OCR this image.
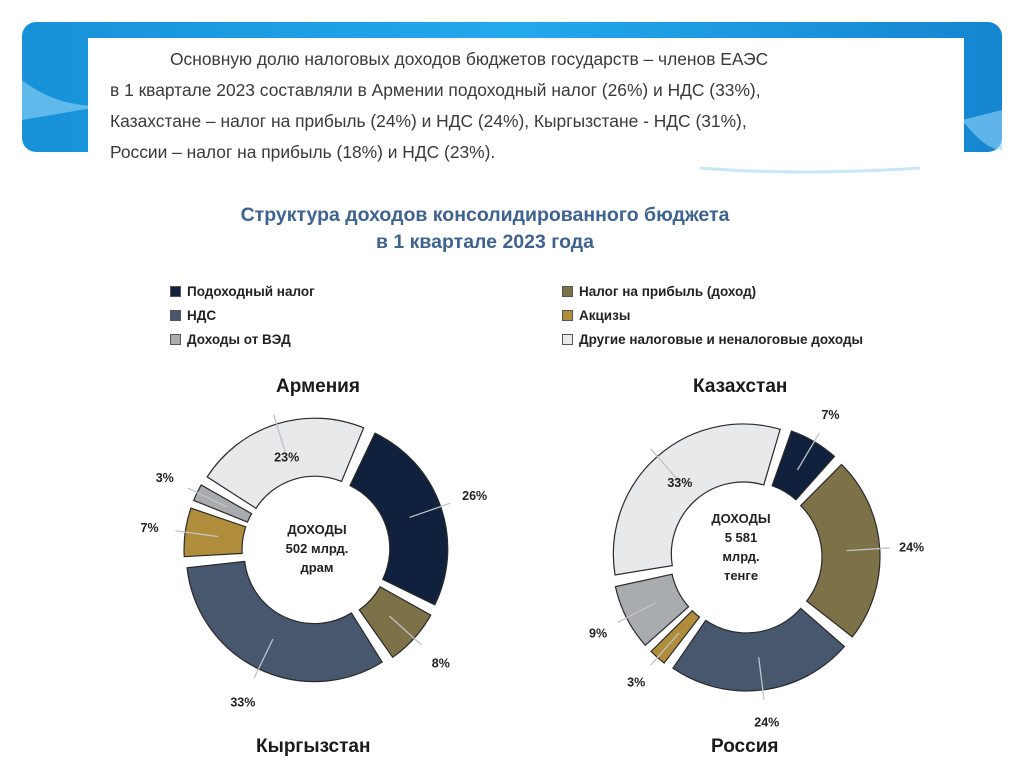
Основную долю налоговых доходов бюджетов государств – членов ЕАЭС
в 1 квартале 2023 составляли в Армении подоходный налог (26%) и НДС (33%),
Казахстане – налог на прибыль (24%) и НДС (24%), Кыргызстане - НДС (31%),
России – налог на прибыль (18%) и НДС (23%).

Структура доходов консолидированного бюджета
в 1 квартале 2023 года
Подоходный налог
НДС
Доходы от ВЭД
Налог на прибыль (доход)
Акцизы
Другие налоговые и неналоговые доходы
Армения	Казахстан
Кыргызстан	Россия
26%
8%
33%
7%
3%
23%
7%
24%
24%
3%
9%
33%
ДОХОДЫ
502 млрд.
драм
ДОХОДЫ
5 581
млрд.
тенге
